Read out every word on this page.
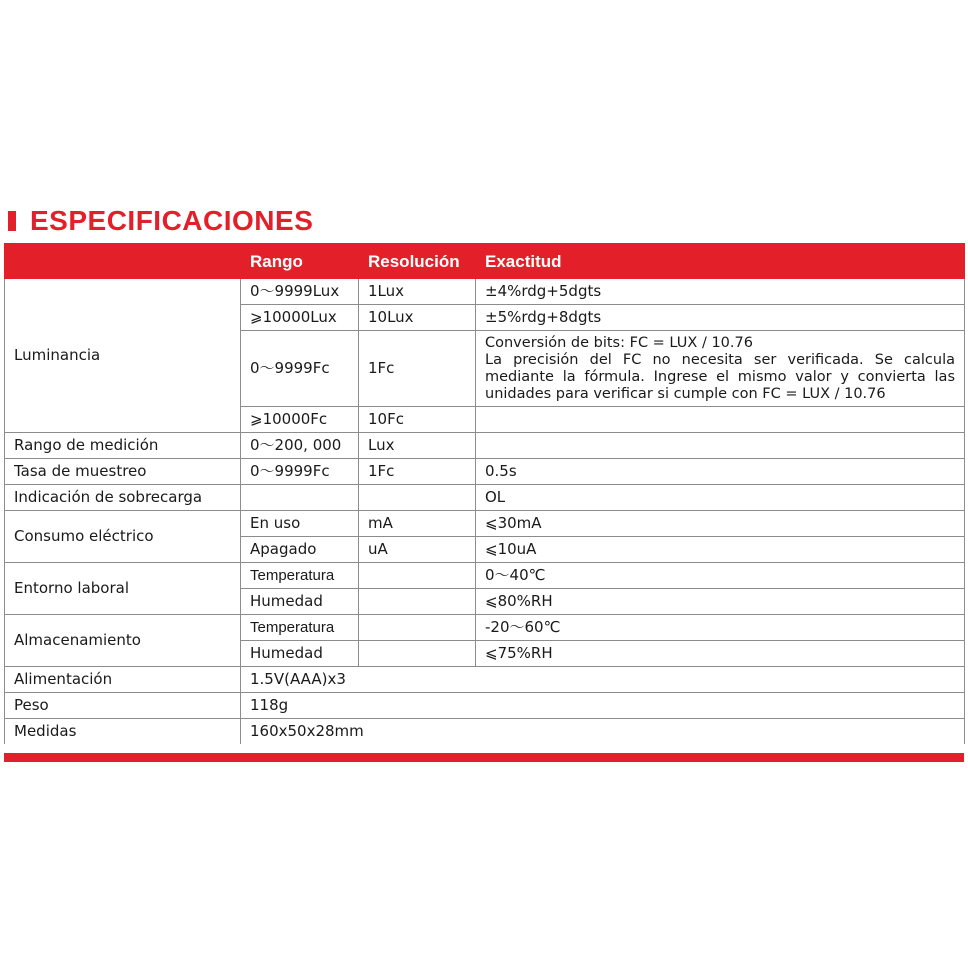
ESPECIFICACIONES
	Rango	Resolución	Exactitud
Luminancia	0～9999Lux	1Lux	±4%rdg+5dgts
	⩾10000Lux	10Lux	±5%rdg+8dgts
	0～9999Fc	1Fc	Conversión de bits: FC = LUX / 10.76
La precisión del FC no necesita ser verificada. Se calcula
mediante la fórmula. Ingrese el mismo valor y convierta las
unidades para verificar si cumple con FC = LUX / 10.76

	⩾10000Fc	10Fc	
Rango de medición	0～200, 000	Lux	
Tasa de muestreo	0～9999Fc	1Fc	0.5s
Indicación de sobrecarga			OL
Consumo eléctrico	En uso	mA	⩽30mA
	Apagado	uA	⩽10uA
Entorno laboral	Temperatura		0～40℃
	Humedad		⩽80%RH
Almacenamiento	Temperatura		-20～60℃
	Humedad		⩽75%RH
Alimentación	1.5V(AAA)x3		
Peso	118g		
Medidas	160x50x28mm		
